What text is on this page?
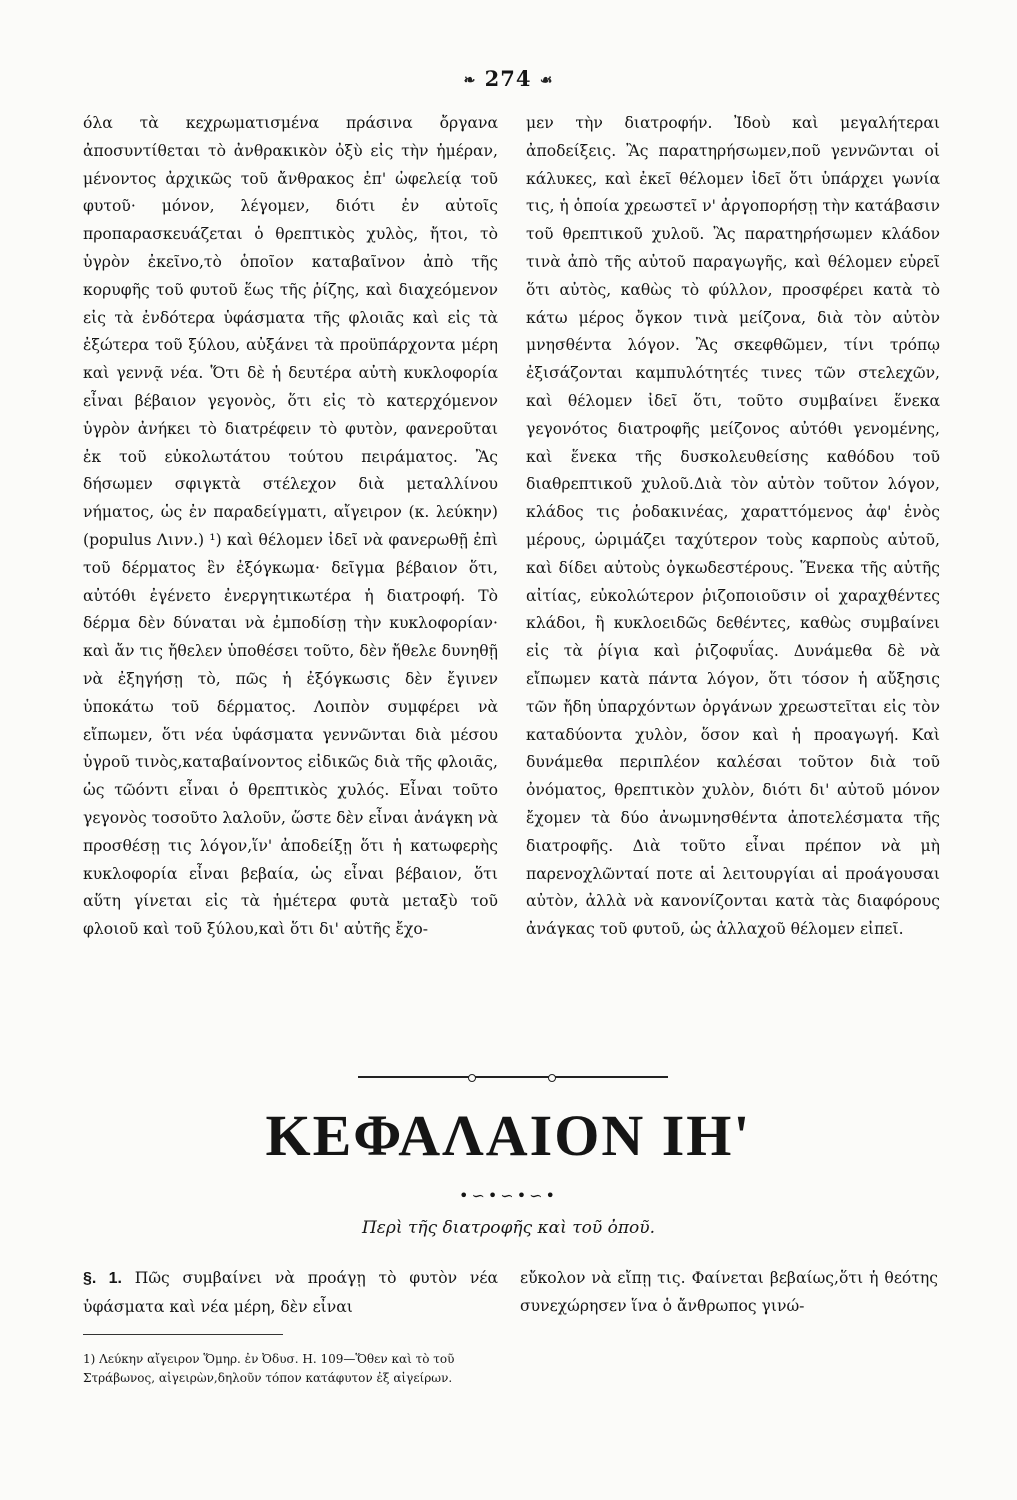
❧ 274 ☙

όλα τὰ κεχρωματισμένα πράσινα ὄργανα ἀποσυντίθεται τὸ ἀνθρακικὸν ὀξὺ εἰς τὴν ἡμέραν, μένοντος ἀρχικῶς τοῦ ἄνθρακος ἐπ' ὠφελείᾳ τοῦ φυτοῦ· μόνον, λέγομεν, διότι ἐν αὐτοῖς προπαρασκευάζεται ὁ θρεπτικὸς χυλὸς, ἤτοι, τὸ ὑγρὸν ἐκεῖνο,τὸ ὁποῖον καταβαῖνον ἀπὸ τῆς κορυφῆς τοῦ φυτοῦ ἕως τῆς ῥίζης, καὶ διαχεόμενον εἰς τὰ ἐνδότερα ὑφάσματα τῆς φλοιᾶς καὶ εἰς τὰ ἐξώτερα τοῦ ξύλου, αὐξάνει τὰ προϋπάρχοντα μέρη καὶ γεννᾷ νέα. Ὅτι δὲ ἡ δευτέρα αὐτὴ κυκλοφορία εἶναι βέβαιον γεγονὸς, ὅτι εἰς τὸ κατερχόμενον ὑγρὸν ἀνήκει τὸ διατρέφειν τὸ φυτὸν, φανεροῦται ἐκ τοῦ εὐκολωτάτου τούτου πειράματος. Ἂς δήσωμεν σφιγκτὰ στέλεχον διὰ μεταλλίνου νήματος, ὡς ἐν παραδείγματι, αἴγειρον (κ. λεύκην) (populus Λινν.) ¹) καὶ θέλομεν ἰδεῖ νὰ φανερωθῇ ἐπὶ τοῦ δέρματος ἓν ἐξόγκωμα· δεῖγμα βέβαιον ὅτι, αὐτόθι ἐγένετο ἐνεργητικωτέρα ἡ διατροφή. Τὸ δέρμα δὲν δύναται νὰ ἐμποδίσῃ τὴν κυκλοφορίαν· καὶ ἄν τις ἤθελεν ὑποθέσει τοῦτο, δὲν ἤθελε δυνηθῇ νὰ ἐξηγήσῃ τὸ, πῶς ἡ ἐξόγκωσις δὲν ἔγινεν ὑποκάτω τοῦ δέρματος. Λοιπὸν συμφέρει νὰ εἴπωμεν, ὅτι νέα ὑφάσματα γεννῶνται διὰ μέσου ὑγροῦ τινὸς,καταβαίνοντος εἰδικῶς διὰ τῆς φλοιᾶς, ὡς τῶόντι εἶναι ὁ θρεπτικὸς χυλός. Εἶναι τοῦτο γεγονὸς τοσοῦτο λαλοῦν, ὥστε δὲν εἶναι ἀνάγκη νὰ προσθέσῃ τις λόγον,ἵν' ἀποδείξῃ ὅτι ἡ κατωφερὴς κυκλοφορία εἶναι βεβαία, ὡς εἶναι βέβαιον, ὅτι αὕτη γίνεται εἰς τὰ ἡμέτερα φυτὰ μεταξὺ τοῦ φλοιοῦ καὶ τοῦ ξύλου,καὶ ὅτι δι' αὐτῆς ἔχο-

μεν τὴν διατροφήν. Ἰδοὺ καὶ μεγαλήτεραι ἀποδείξεις. Ἂς παρατηρήσωμεν,ποῦ γεννῶνται οἱ κάλυκες, καὶ ἐκεῖ θέλομεν ἰδεῖ ὅτι ὑπάρχει γωνία τις, ἡ ὁποία χρεωστεῖ ν' ἀργοπορήσῃ τὴν κατάβασιν τοῦ θρεπτικοῦ χυλοῦ. Ἂς παρατηρήσωμεν κλάδον τινὰ ἀπὸ τῆς αὐτοῦ παραγωγῆς, καὶ θέλομεν εὑρεῖ ὅτι αὐτὸς, καθὼς τὸ φύλλον, προσφέρει κατὰ τὸ κάτω μέρος ὄγκον τινὰ μείζονα, διὰ τὸν αὐτὸν μνησθέντα λόγον. Ἂς σκεφθῶμεν, τίνι τρόπῳ ἐξισάζονται καμπυλότητές τινες τῶν στελεχῶν, καὶ θέλομεν ἰδεῖ ὅτι, τοῦτο συμβαίνει ἕνεκα γεγονότος διατροφῆς μείζονος αὐτόθι γενομένης, καὶ ἕνεκα τῆς δυσκολευθείσης καθόδου τοῦ διαθρεπτικοῦ χυλοῦ.Διὰ τὸν αὐτὸν τοῦτον λόγον, κλάδος τις ῥοδακινέας, χαραττόμενος ἀφ' ἑνὸς μέρους, ὡριμάζει ταχύτερον τοὺς καρποὺς αὐτοῦ, καὶ δίδει αὐτοὺς ὀγκωδεστέρους. Ἕνεκα τῆς αὐτῆς αἰτίας, εὐκολώτερον ῥιζοποιοῦσιν οἱ χαραχθέντες κλάδοι, ἢ κυκλοειδῶς δεθέντες, καθὼς συμβαίνει εἰς τὰ ῥίγια καὶ ῥιζοφυΐας. Δυνάμεθα δὲ νὰ εἴπωμεν κατὰ πάντα λόγον, ὅτι τόσον ἡ αὔξησις τῶν ἤδη ὑπαρχόντων ὀργάνων χρεωστεῖται εἰς τὸν καταδύοντα χυλὸν, ὅσον καὶ ἡ προαγωγή. Καὶ δυνάμεθα περιπλέον καλέσαι τοῦτον διὰ τοῦ ὀνόματος, θρεπτικὸν χυλὸν, διότι δι' αὐτοῦ μόνον ἔχομεν τὰ δύο ἀνωμνησθέντα ἀποτελέσματα τῆς διατροφῆς. Διὰ τοῦτο εἶναι πρέπον νὰ μὴ παρενοχλῶνταί ποτε αἱ λειτουργίαι αἱ προάγουσαι αὐτὸν, ἀλλὰ νὰ κανονίζονται κατὰ τὰς διαφόρους ἀνάγκας τοῦ φυτοῦ, ὡς ἀλλαχοῦ θέλομεν εἰπεῖ.

ΚΕΦΑΛΑΙΟΝ ΙΗ'
•∽•∽•∽•
Περὶ τῆς διατροφῆς καὶ τοῦ ὀποῦ.
§. 1. Πῶς συμβαίνει νὰ προάγῃ τὸ φυτὸν νέα ὑφάσματα καὶ νέα μέρη, δὲν εἶναι
εὔκολον νὰ εἴπῃ τις. Φαίνεται βεβαίως,ὅτι ἡ θεότης συνεχώρησεν ἵνα ὁ ἄνθρωπος γινώ-
1) Λεύκην αἴγειρον Ὅμηρ. ἐν Ὀδυσ. Η. 109—Ὅθεν καὶ τὸ τοῦ Στράβωνος, αἰγειρὼν,δηλοῦν τόπον κατάφυτον ἐξ αἰγείρων.
